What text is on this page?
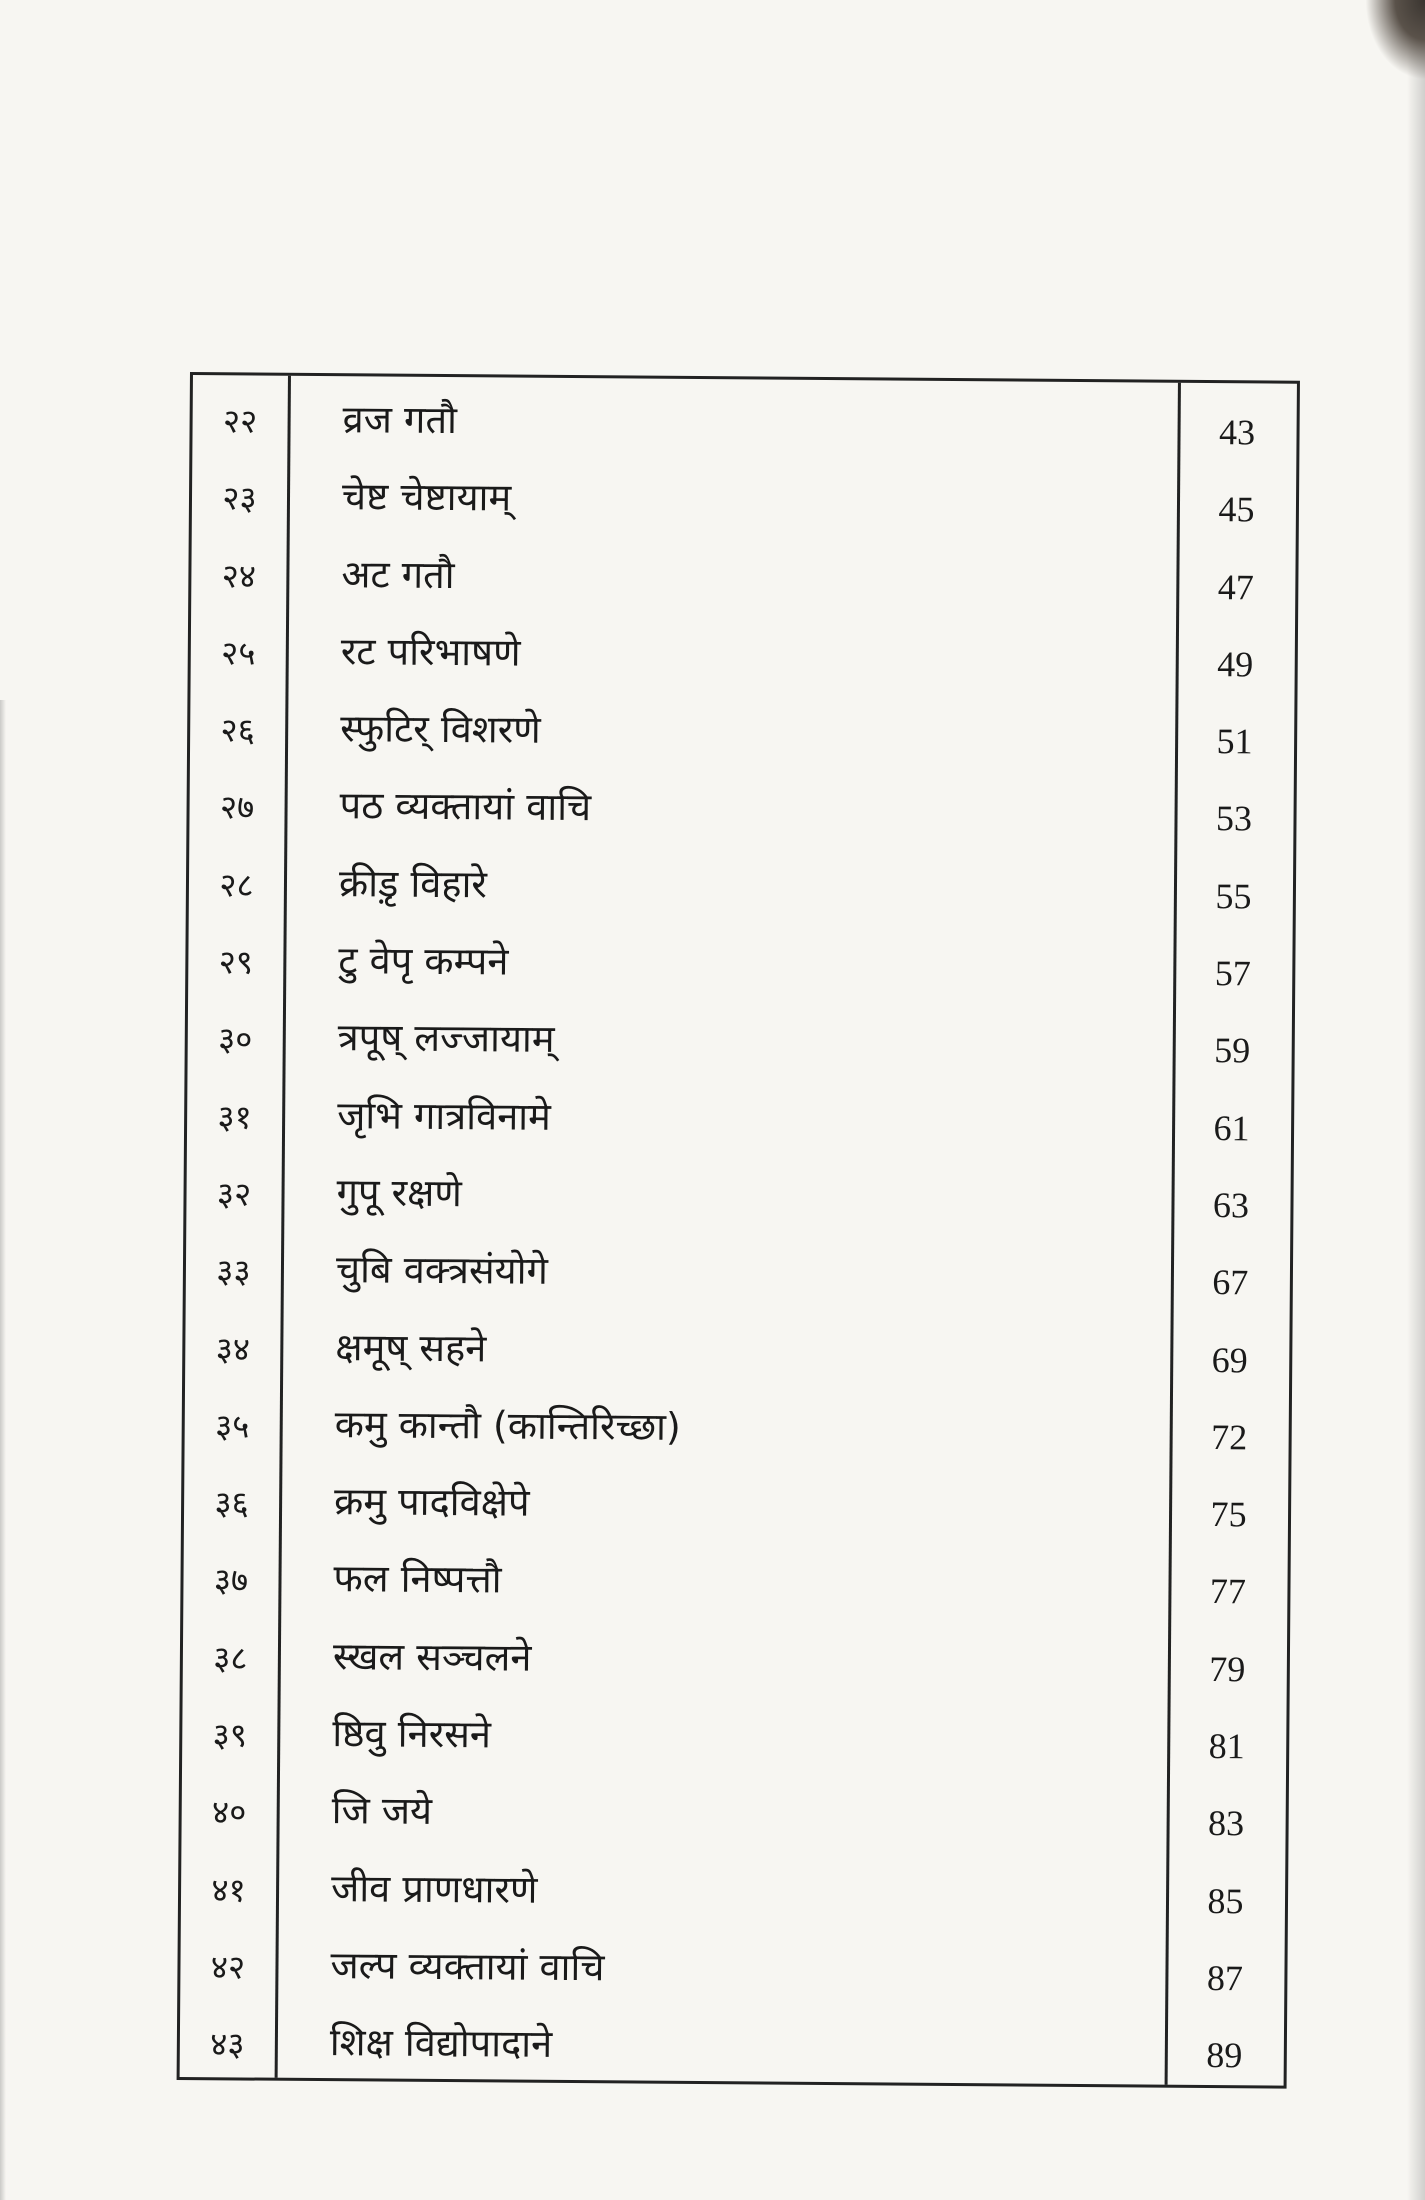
२२	व्रज गतौ	43
२३	चेष्ट चेष्टायाम्	45
२४	अट गतौ	47
२५	रट परिभाषणे	49
२६	स्फुटिर् विशरणे	51
२७	पठ व्यक्तायां वाचि	53
२८	क्रीड़ृ विहारे	55
२९	टु वेपृ कम्पने	57
३०	त्रपूष् लज्जायाम्	59
३१	जृभि गात्रविनामे	61
३२	गुपू रक्षणे	63
३३	चुबि वक्त्रसंयोगे	67
३४	क्षमूष् सहने	69
३५	कमु कान्तौ (कान्तिरिच्छा)	72
३६	क्रमु पादविक्षेपे	75
३७	फल निष्पत्तौ	77
३८	स्खल सञ्चलने	79
३९	ष्ठिवु निरसने	81
४०	जि जये	83
४१	जीव प्राणधारणे	85
४२	जल्प व्यक्तायां वाचि	87
४३	शिक्ष विद्योपादाने	89
